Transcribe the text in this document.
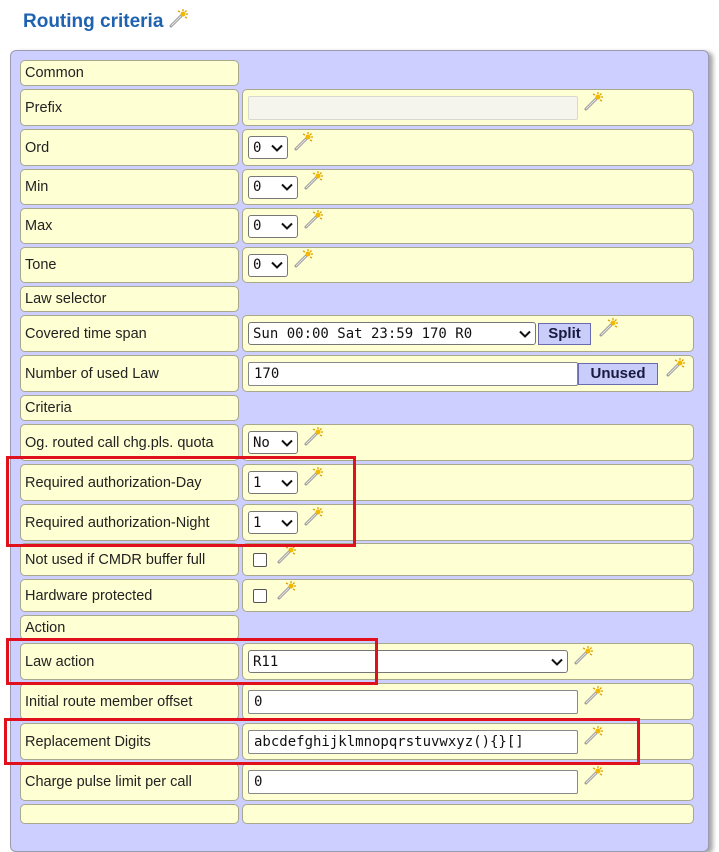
Routing criteria
Common
Prefix
Ord	0
Min	0
Max	0
Tone	0
Law selector
Covered time span	Sun 00:00 Sat 23:59 170 R0	Split
Number of used Law	170	Unused
Criteria
Og. routed call chg.pls. quota	No
Required authorization-Day	1
Required authorization-Night	1
Not used if CMDR buffer full
Hardware protected
Action
Law action	R11
Initial route member offset	0
Replacement Digits	abcdefghijklmnopqrstuvwxyz(){}[]
Charge pulse limit per call	0
